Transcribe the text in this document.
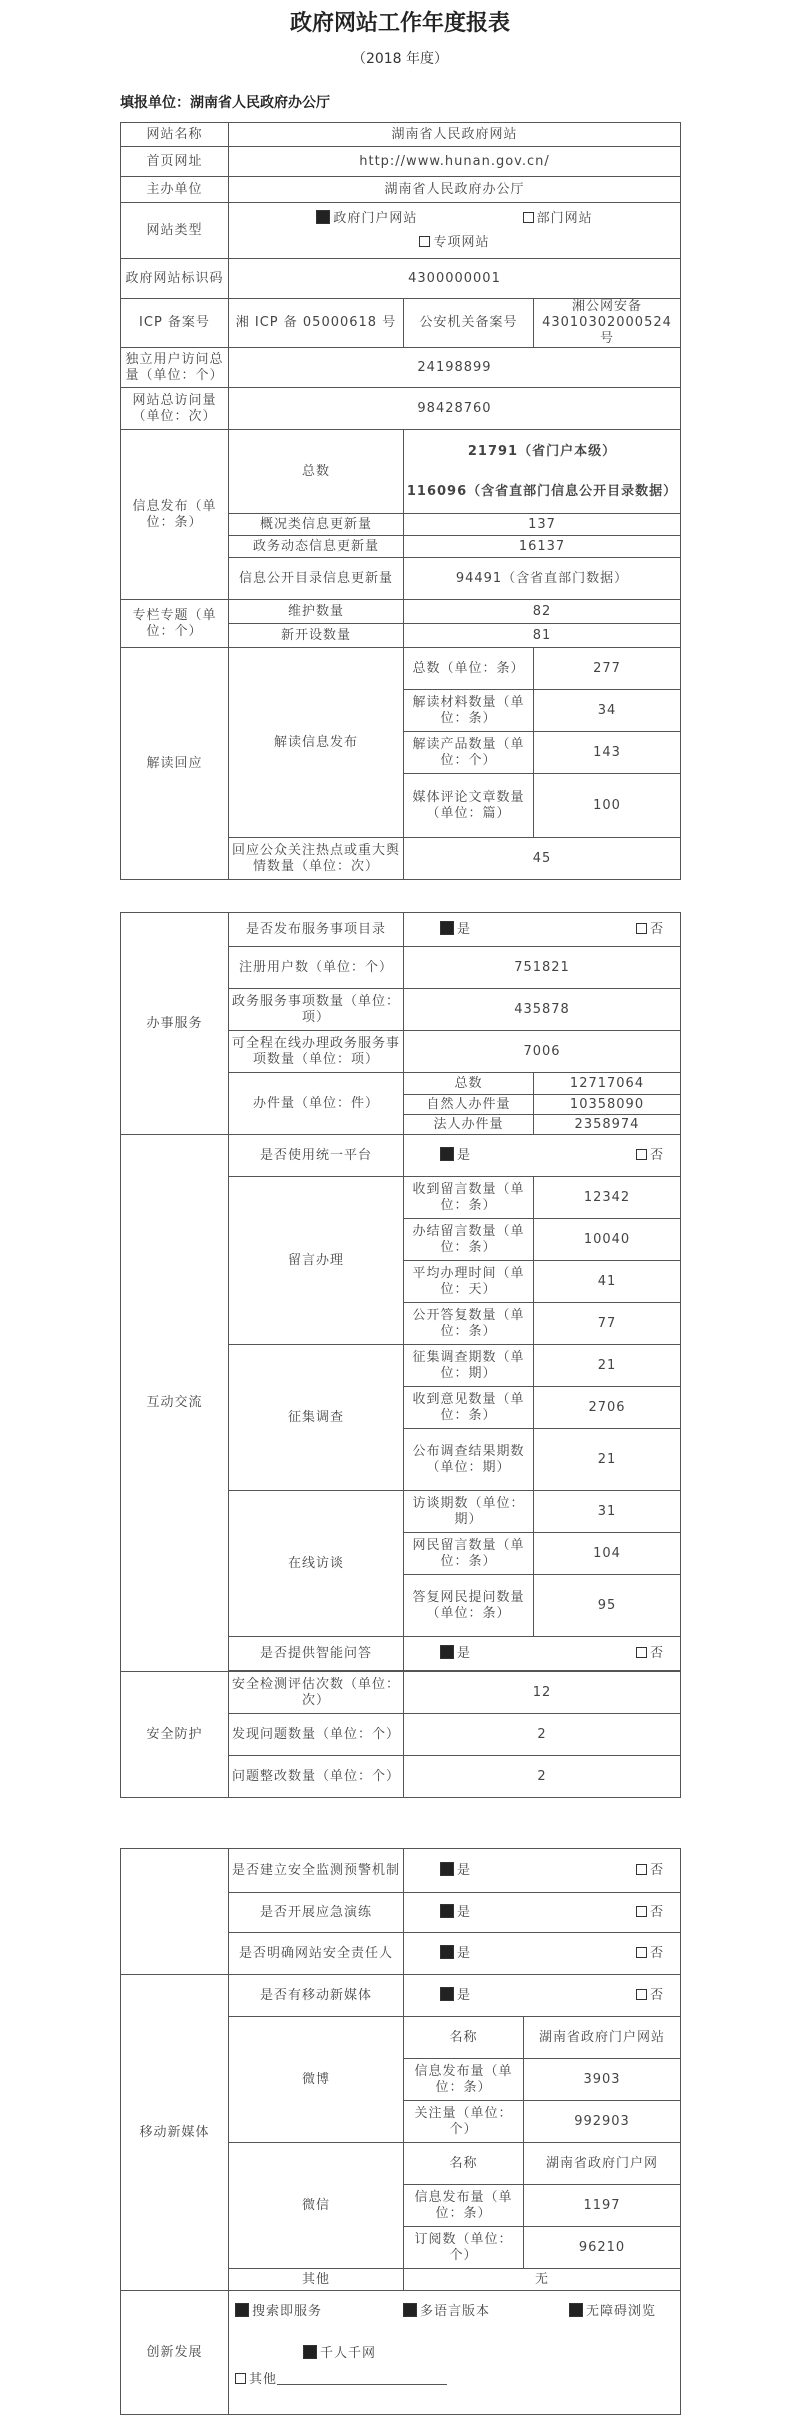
政府网站工作年度报表
（2018 年度）
填报单位：湖南省人民政府办公厅
网站名称	湖南省人民政府网站		
首页网址	http://www.hunan.gov.cn/		
主办单位	湖南省人民政府办公厅		
网站类型	政府门户网站 部门网站
专项网站		

政府网站标识码	4300000001		
ICP 备案号	湘 ICP 备 05000618 号	公安机关备案号	湘公网安备 43010302000524 号
独立用户访问总量（单位：个）	24198899		
网站总访问量（单位：次）	98428760		
信息发布（单位：条）	总数	21791（省门户本级）
116096（含省直部门信息公开目录数据）	

	概况类信息更新量	137	
	政务动态信息更新量	16137	
	信息公开目录信息更新量	94491（含省直部门数据）	
专栏专题（单位：个）	维护数量	82	
	新开设数量	81	
解读回应	解读信息发布	总数（单位：条）	277
		解读材料数量（单位：条）	34
		解读产品数量（单位：个）	143
		媒体评论文章数量（单位：篇）	100
	回应公众关注热点或重大舆情数量（单位：次）	45	
办事服务	是否发布服务事项目录	是 否	
	注册用户数（单位：个）	751821	
	政务服务事项数量（单位：项）	435878	
	可全程在线办理政务服务事项数量（单位：项）	7006	
	办件量（单位：件）	总数	12717064
		自然人办件量	10358090
		法人办件量	2358974
互动交流	是否使用统一平台	是 否	
	留言办理	收到留言数量（单位：条）	12342
		办结留言数量（单位：条）	10040
		平均办理时间（单位：天）	41
		公开答复数量（单位：条）	77
	征集调查	征集调查期数（单位：期）	21
		收到意见数量（单位：条）	2706
		公布调查结果期数（单位：期）	21
	在线访谈	访谈期数（单位：期）	31
		网民留言数量（单位：条）	104
		答复网民提问数量（单位：条）	95
	是否提供智能问答	是 否	

安全防护	安全检测评估次数（单位：次）	12	
	发现问题数量（单位：个）	2	
	问题整改数量（单位：个）	2	
	是否建立安全监测预警机制	是 否	
	是否开展应急演练	是 否	
	是否明确网站安全责任人	是 否	
移动新媒体	是否有移动新媒体	是 否	
	微博	名称	湖南省政府门户网站
		信息发布量（单位：条）	3903
		关注量（单位：个）	992903
	微信	名称	湖南省政府门户网
		信息发布量（单位：条）	1197
		订阅数（单位：个）	96210
	其他	无	
创新发展	搜索即服务 多语言版本 无障碍浏览
千人千网
其他		
